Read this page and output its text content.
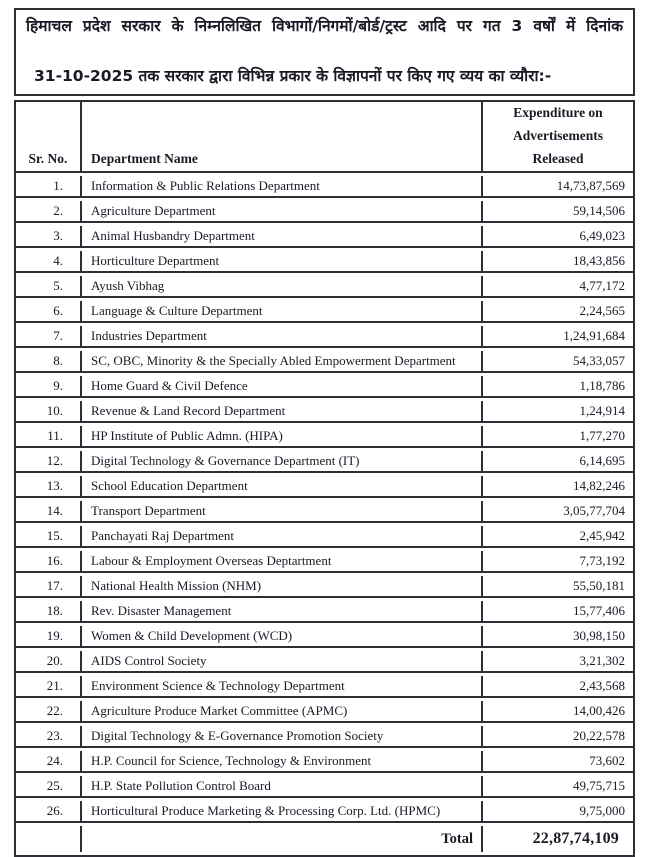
हिमाचल प्रदेश सरकार के निम्नलिखित विभागों/निगमों/बोर्ड/ट्रस्ट आदि पर गत 3 वर्षों में दिनांक
31-10-2025 तक सरकार द्वारा विभिन्न प्रकार के विज्ञापनों पर किए गए व्यय का व्यौरा:-
Sr. No.	Department Name	Expenditure on
Advertisements
Released

1.	Information & Public Relations Department	14,73,87,569
2.	Agriculture Department	59,14,506
3.	Animal Husbandry Department	6,49,023
4.	Horticulture Department	18,43,856
5.	Ayush Vibhag	4,77,172
6.	Language & Culture Department	2,24,565
7.	Industries Department	1,24,91,684
8.	SC, OBC, Minority & the Specially Abled Empowerment Department	54,33,057
9.	Home Guard & Civil Defence	1,18,786
10.	Revenue & Land Record Department	1,24,914
11.	HP Institute of Public Admn. (HIPA)	1,77,270
12.	Digital Technology & Governance Department (IT)	6,14,695
13.	School Education Department	14,82,246
14.	Transport Department	3,05,77,704
15.	Panchayati Raj Department	2,45,942
16.	Labour & Employment Overseas Deptartment	7,73,192
17.	National Health Mission (NHM)	55,50,181
18.	Rev. Disaster Management	15,77,406
19.	Women & Child Development (WCD)	30,98,150
20.	AIDS Control Society	3,21,302
21.	Environment Science & Technology Department	2,43,568
22.	Agriculture Produce Market Committee (APMC)	14,00,426
23.	Digital Technology & E-Governance Promotion Society	20,22,578
24.	H.P. Council for Science, Technology & Environment	73,602
25.	H.P. State Pollution Control Board	49,75,715
26.	Horticultural Produce Marketing & Processing Corp. Ltd. (HPMC)	9,75,000
	Total	22,87,74,109
